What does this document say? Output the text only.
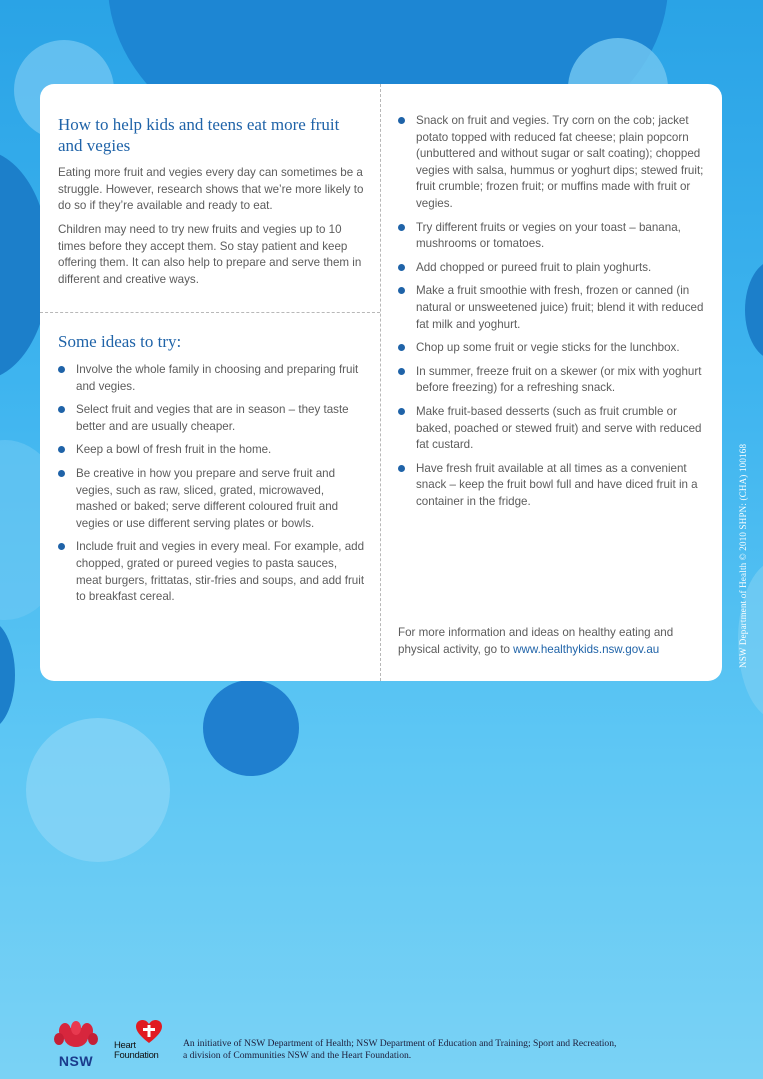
How to help kids and teens eat more fruit and vegies

Eating more fruit and vegies every day can sometimes be a struggle. However, research shows that we’re more likely to do so if they’re available and ready to eat.

Children may need to try new fruits and vegies up to 10 times before they accept them. So stay patient and keep offering them. It can also help to prepare and serve them in different and creative ways.

Some ideas to try:
Involve the whole family in choosing and preparing fruit and vegies.
Select fruit and vegies that are in season – they taste better and are usually cheaper.
Keep a bowl of fresh fruit in the home.
Be creative in how you prepare and serve fruit and vegies, such as raw, sliced, grated, microwaved, mashed or baked; serve different coloured fruit and vegies or use different serving plates or bowls.
Include fruit and vegies in every meal. For example, add chopped, grated or pureed vegies to pasta sauces, meat burgers, frittatas, stir-fries and soups, and add fruit to breakfast cereal.
Snack on fruit and vegies. Try corn on the cob; jacket potato topped with reduced fat cheese; plain popcorn (unbuttered and without sugar or salt coating); chopped vegies with salsa, hummus or yoghurt dips; stewed fruit; fruit crumble; frozen fruit; or muffins made with fruit or vegies.
Try different fruits or vegies on your toast – banana, mushrooms or tomatoes.
Add chopped or pureed fruit to plain yoghurts.
Make a fruit smoothie with fresh, frozen or canned (in natural or unsweetened juice) fruit; blend it with reduced fat milk and yoghurt.
Chop up some fruit or vegie sticks for the lunchbox.
In summer, freeze fruit on a skewer (or mix with yoghurt before freezing) for a refreshing snack.
Make fruit-based desserts (such as fruit crumble or baked, poached or stewed fruit) and serve with reduced fat custard.
Have fresh fruit available at all times as a convenient snack – keep the fruit bowl full and have diced fruit in a container in the fridge.

For more information and ideas on healthy eating and physical activity, go to www.healthykids.nsw.gov.au	NSW Department of Health © 2010 SHPN: (CHA) 100168
NSW
Heart
Foundation
An initiative of NSW Department of Health; NSW Department of Education and Training; Sport and Recreation,
a division of Communities NSW and the Heart Foundation.
